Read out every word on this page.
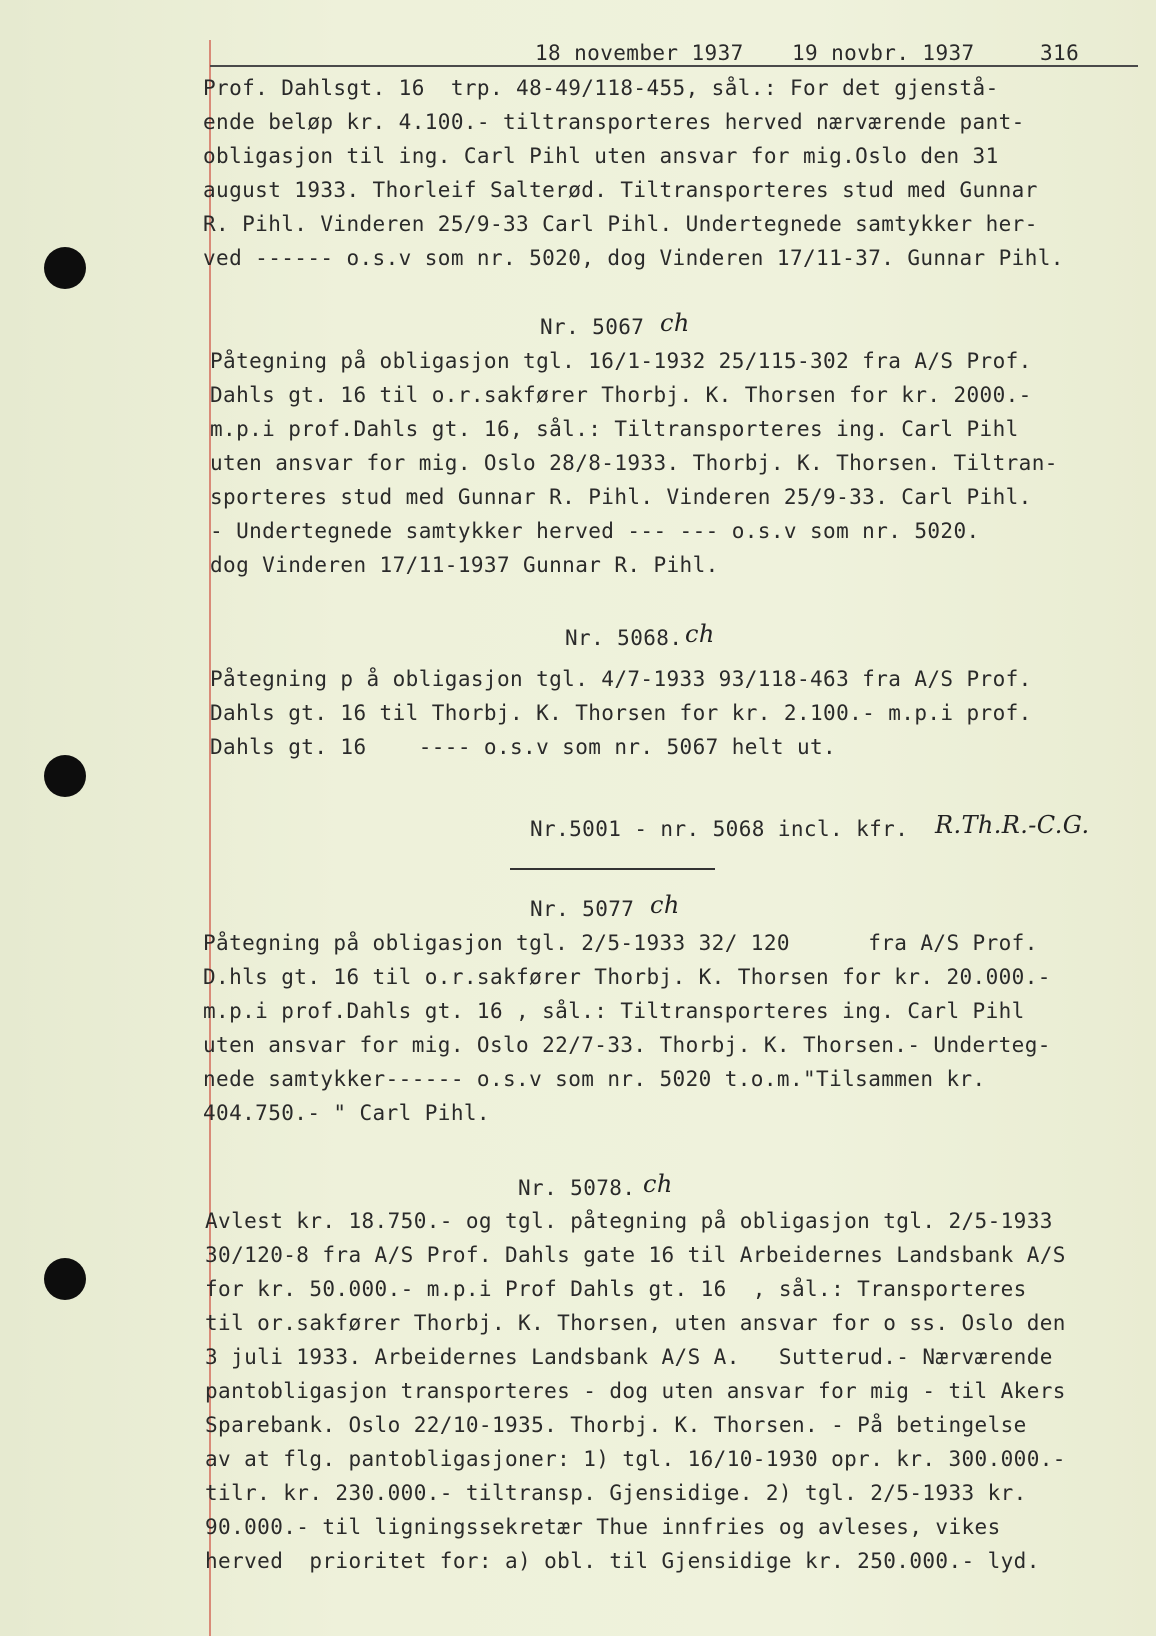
18 november 1937 19 novbr. 1937	316
Prof. Dahlsgt. 16  trp. 48-49/118-455, sål.: For det gjenstå-
ende beløp kr. 4.100.- tiltransporteres herved nærværende pant-
obligasjon til ing. Carl Pihl uten ansvar for mig.Oslo den 31
august 1933. Thorleif Salterød. Tiltransporteres stud med Gunnar
R. Pihl. Vinderen 25/9-33 Carl Pihl. Undertegnede samtykker her-
ved ------ o.s.v som nr. 5020, dog Vinderen 17/11-37. Gunnar Pihl.
Nr. 5067 ch
Påtegning på obligasjon tgl. 16/1-1932 25/115-302 fra A/S Prof.
Dahls gt. 16 til o.r.sakfører Thorbj. K. Thorsen for kr. 2000.-
m.p.i prof.Dahls gt. 16, sål.: Tiltransporteres ing. Carl Pihl
uten ansvar for mig. Oslo 28/8-1933. Thorbj. K. Thorsen. Tiltran-
sporteres stud med Gunnar R. Pihl. Vinderen 25/9-33. Carl Pihl.
- Undertegnede samtykker herved --- --- o.s.v som nr. 5020.
dog Vinderen 17/11-1937 Gunnar R. Pihl.
Nr. 5068. ch
Påtegning p å obligasjon tgl. 4/7-1933 93/118-463 fra A/S Prof.
Dahls gt. 16 til Thorbj. K. Thorsen for kr. 2.100.- m.p.i prof.
Dahls gt. 16    ---- o.s.v som nr. 5067 helt ut.
Nr.5001 - nr. 5068 incl. kfr. R.Th.R.-C.G.
Nr. 5077 ch
Påtegning på obligasjon tgl. 2/5-1933 32/ 120      fra A/S Prof.
D.hls gt. 16 til o.r.sakfører Thorbj. K. Thorsen for kr. 20.000.-
m.p.i prof.Dahls gt. 16 , sål.: Tiltransporteres ing. Carl Pihl
uten ansvar for mig. Oslo 22/7-33. Thorbj. K. Thorsen.- Underteg-
nede samtykker------ o.s.v som nr. 5020 t.o.m."Tilsammen kr.
404.750.- " Carl Pihl.
Nr. 5078. ch
Avlest kr. 18.750.- og tgl. påtegning på obligasjon tgl. 2/5-1933
30/120-8 fra A/S Prof. Dahls gate 16 til Arbeidernes Landsbank A/S
for kr. 50.000.- m.p.i Prof Dahls gt. 16  , sål.: Transporteres
til or.sakfører Thorbj. K. Thorsen, uten ansvar for o ss. Oslo den
3 juli 1933. Arbeidernes Landsbank A/S A.   Sutterud.- Nærværende
pantobligasjon transporteres - dog uten ansvar for mig - til Akers
Sparebank. Oslo 22/10-1935. Thorbj. K. Thorsen. - På betingelse
av at flg. pantobligasjoner: 1) tgl. 16/10-1930 opr. kr. 300.000.-
tilr. kr. 230.000.- tiltransp. Gjensidige. 2) tgl. 2/5-1933 kr.
90.000.- til ligningssekretær Thue innfries og avleses, vikes
herved  prioritet for: a) obl. til Gjensidige kr. 250.000.- lyd.
